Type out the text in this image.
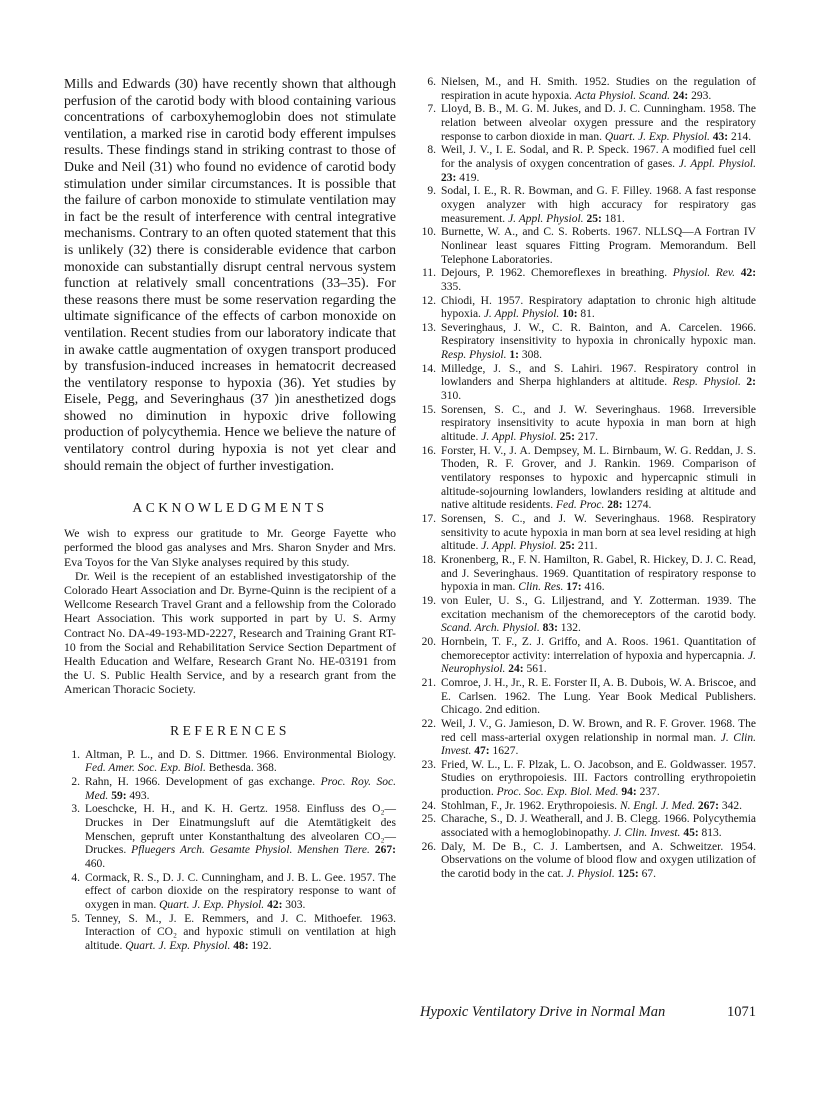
Mills and Edwards (30) have recently shown that although perfusion of the carotid body with blood containing various concentrations of carboxyhemoglobin does not stimulate ventilation, a marked rise in carotid body efferent impulses results. These findings stand in striking contrast to those of Duke and Neil (31) who found no evidence of carotid body stimulation under similar circumstances. It is possible that the failure of carbon monoxide to stimulate ventilation may in fact be the result of interference with central integrative mechanisms. Contrary to an often quoted statement that this is unlikely (32) there is considerable evidence that carbon monoxide can substantially disrupt central nervous system function at relatively small concentrations (33–35). For these reasons there must be some reservation regarding the ultimate significance of the effects of carbon monoxide on ventilation. Recent studies from our laboratory indicate that in awake cattle augmentation of oxygen transport produced by transfusion-induced increases in hematocrit decreased the ventilatory response to hypoxia (36). Yet studies by Eisele, Pegg, and Severinghaus (37 )in anesthetized dogs showed no diminution in hypoxic drive following production of polycythemia. Hence we believe the nature of ventilatory control during hypoxia is not yet clear and should remain the object of further investigation.

ACKNOWLEDGMENTS

We wish to express our gratitude to Mr. George Fayette who performed the blood gas analyses and Mrs. Sharon Snyder and Mrs. Eva Toyos for the Van Slyke analyses required by this study.

Dr. Weil is the recepient of an established investigatorship of the Colorado Heart Association and Dr. Byrne-Quinn is the recipient of a Wellcome Research Travel Grant and a fellowship from the Colorado Heart Association. This work supported in part by U. S. Army Contract No. DA-49-193-MD-2227, Research and Training Grant RT-10 from the Social and Rehabilitation Service Section Department of Health Education and Welfare, Research Grant No. HE-03191 from the U. S. Public Health Service, and by a research grant from the American Thoracic Society.

REFERENCES
1. Altman, P. L., and D. S. Dittmer. 1966. Environmental Biology. Fed. Amer. Soc. Exp. Biol. Bethesda. 368.
2. Rahn, H. 1966. Development of gas exchange. Proc. Roy. Soc. Med. 59: 493.
3. Loeschcke, H. H., and K. H. Gertz. 1958. Einfluss des O₂—Druckes in Der Einatmungsluft auf die Atemtätigkeit des Menschen, gepruft unter Konstanthaltung des alveolaren CO₂—Druckes. Pfluegers Arch. Gesamte Physiol. Menshen Tiere. 267: 460.
4. Cormack, R. S., D. J. C. Cunningham, and J. B. L. Gee. 1957. The effect of carbon dioxide on the respiratory response to want of oxygen in man. Quart. J. Exp. Physiol. 42: 303.
5. Tenney, S. M., J. E. Remmers, and J. C. Mithoefer. 1963. Interaction of CO₂ and hypoxic stimuli on ventilation at high altitude. Quart. J. Exp. Physiol. 48: 192.
6. Nielsen, M., and H. Smith. 1952. Studies on the regulation of respiration in acute hypoxia. Acta Physiol. Scand. 24: 293.
7. Lloyd, B. B., M. G. M. Jukes, and D. J. C. Cunningham. 1958. The relation between alveolar oxygen pressure and the respiratory response to carbon dioxide in man. Quart. J. Exp. Physiol. 43: 214.
8. Weil, J. V., I. E. Sodal, and R. P. Speck. 1967. A modified fuel cell for the analysis of oxygen concentration of gases. J. Appl. Physiol. 23: 419.
9. Sodal, I. E., R. R. Bowman, and G. F. Filley. 1968. A fast response oxygen analyzer with high accuracy for respiratory gas measurement. J. Appl. Physiol. 25: 181.
10. Burnette, W. A., and C. S. Roberts. 1967. NLLSQ—A Fortran IV Nonlinear least squares Fitting Program. Memorandum. Bell Telephone Laboratories.
11. Dejours, P. 1962. Chemoreflexes in breathing. Physiol. Rev. 42: 335.
12. Chiodi, H. 1957. Respiratory adaptation to chronic high altitude hypoxia. J. Appl. Physiol. 10: 81.
13. Severinghaus, J. W., C. R. Bainton, and A. Carcelen. 1966. Respiratory insensitivity to hypoxia in chronically hypoxic man. Resp. Physiol. 1: 308.
14. Milledge, J. S., and S. Lahiri. 1967. Respiratory control in lowlanders and Sherpa highlanders at altitude. Resp. Physiol. 2: 310.
15. Sorensen, S. C., and J. W. Severinghaus. 1968. Irreversible respiratory insensitivity to acute hypoxia in man born at high altitude. J. Appl. Physiol. 25: 217.
16. Forster, H. V., J. A. Dempsey, M. L. Birnbaum, W. G. Reddan, J. S. Thoden, R. F. Grover, and J. Rankin. 1969. Comparison of ventilatory responses to hypoxic and hypercapnic stimuli in altitude-sojourning lowlanders, lowlanders residing at altitude and native altitude residents. Fed. Proc. 28: 1274.
17. Sorensen, S. C., and J. W. Severinghaus. 1968. Respiratory sensitivity to acute hypoxia in man born at sea level residing at high altitude. J. Appl. Physiol. 25: 211.
18. Kronenberg, R., F. N. Hamilton, R. Gabel, R. Hickey, D. J. C. Read, and J. Severinghaus. 1969. Quantitation of respiratory response to hypoxia in man. Clin. Res. 17: 416.
19. von Euler, U. S., G. Liljestrand, and Y. Zotterman. 1939. The excitation mechanism of the chemoreceptors of the carotid body. Scand. Arch. Physiol. 83: 132.
20. Hornbein, T. F., Z. J. Griffo, and A. Roos. 1961. Quantitation of chemoreceptor activity: interrelation of hypoxia and hypercapnia. J. Neurophysiol. 24: 561.
21. Comroe, J. H., Jr., R. E. Forster II, A. B. Dubois, W. A. Briscoe, and E. Carlsen. 1962. The Lung. Year Book Medical Publishers. Chicago. 2nd edition.
22. Weil, J. V., G. Jamieson, D. W. Brown, and R. F. Grover. 1968. The red cell mass-arterial oxygen relationship in normal man. J. Clin. Invest. 47: 1627.
23. Fried, W. L., L. F. Plzak, L. O. Jacobson, and E. Goldwasser. 1957. Studies on erythropoiesis. III. Factors controlling erythropoietin production. Proc. Soc. Exp. Biol. Med. 94: 237.
24. Stohlman, F., Jr. 1962. Erythropoiesis. N. Engl. J. Med. 267: 342.
25. Charache, S., D. J. Weatherall, and J. B. Clegg. 1966. Polycythemia associated with a hemoglobinopathy. J. Clin. Invest. 45: 813.
26. Daly, M. De B., C. J. Lambertsen, and A. Schweitzer. 1954. Observations on the volume of blood flow and oxygen utilization of the carotid body in the cat. J. Physiol. 125: 67.
Hypoxic Ventilatory Drive in Normal Man	1071
